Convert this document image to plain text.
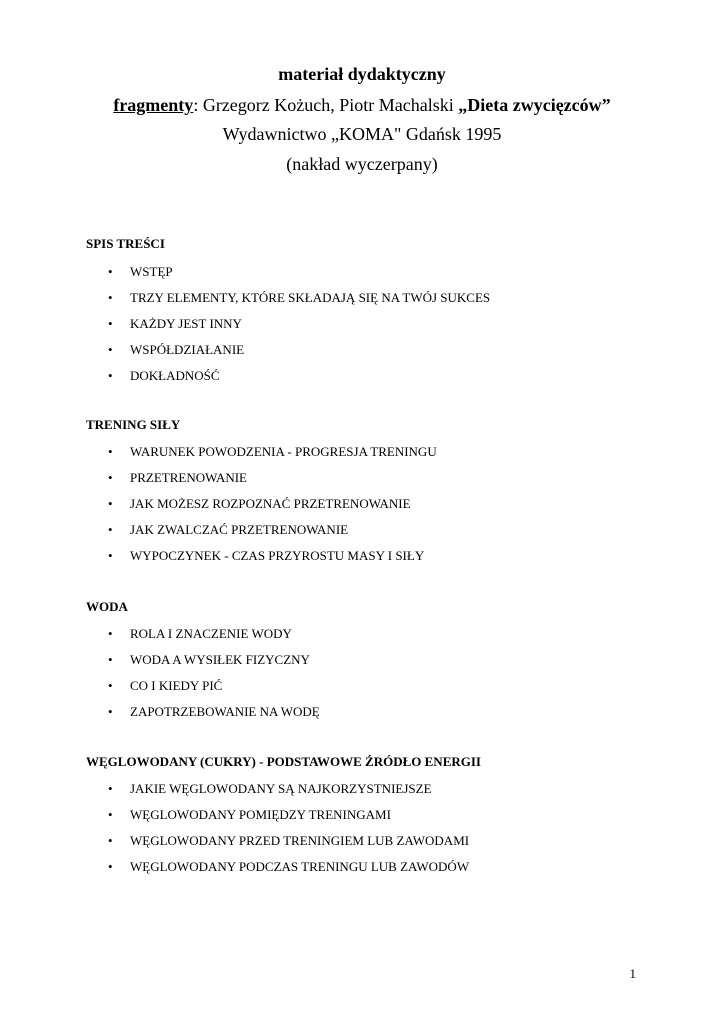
materiał dydaktyczny
fragmenty: Grzegorz Kożuch, Piotr Machalski „Dieta zwycięzców”
Wydawnictwo „KOMA" Gdańsk 1995
(nakład wyczerpany)
SPIS TREŚCI
• WSTĘP
• TRZY ELEMENTY, KTÓRE SKŁADAJĄ SIĘ NA TWÓJ SUKCES
• KAŻDY JEST INNY
• WSPÓŁDZIAŁANIE
• DOKŁADNOŚĆ
TRENING SIŁY
• WARUNEK POWODZENIA - PROGRESJA TRENINGU
• PRZETRENOWANIE
• JAK MOŻESZ ROZPOZNAĆ PRZETRENOWANIE
• JAK ZWALCZAĆ PRZETRENOWANIE
• WYPOCZYNEK - CZAS PRZYROSTU MASY I SIŁY
WODA
• ROLA I ZNACZENIE WODY
• WODA A WYSIŁEK FIZYCZNY
• CO I KIEDY PIĆ
• ZAPOTRZEBOWANIE NA WODĘ
WĘGLOWODANY (CUKRY) - PODSTAWOWE ŹRÓDŁO ENERGII
• JAKIE WĘGLOWODANY SĄ NAJKORZYSTNIEJSZE
• WĘGLOWODANY POMIĘDZY TRENINGAMI
• WĘGLOWODANY PRZED TRENINGIEM LUB ZAWODAMI
• WĘGLOWODANY PODCZAS TRENINGU LUB ZAWODÓW
1
